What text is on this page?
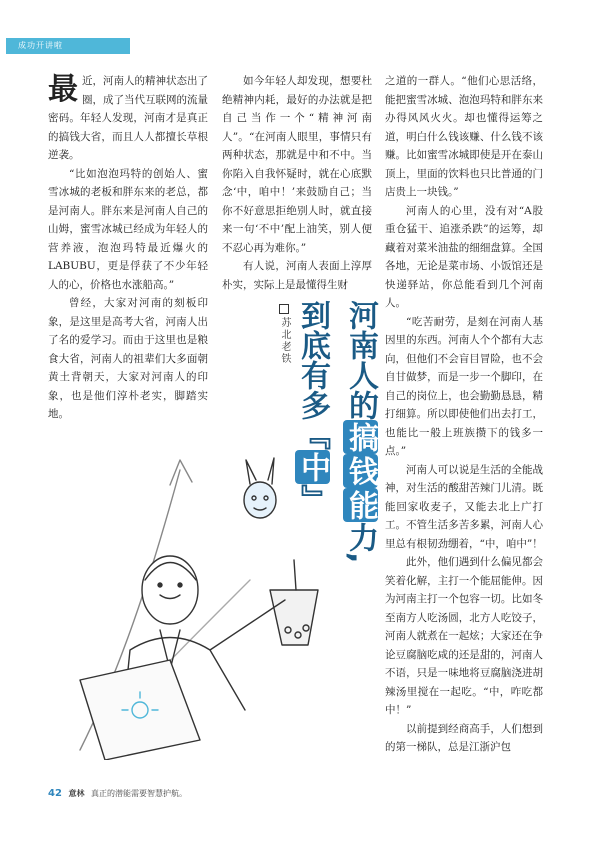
成功开讲啦

最近，河南人的精神状态出了圈，成了当代互联网的流量密码。年轻人发现，河南才是真正的搞钱大省，而且人人都擅长草根逆袭。

“比如泡泡玛特的创始人、蜜雪冰城的老板和胖东来的老总，都是河南人。胖东来是河南人自己的山姆，蜜雪冰城已经成为年轻人的营养液，泡泡玛特最近爆火的LABUBU，更是俘获了不少年轻人的心，价格也水涨船高。”

曾经，大家对河南的刻板印象，是这里是高考大省，河南人出了名的爱学习。而由于这里也是粮食大省，河南人的祖辈们大多面朝黄土背朝天，大家对河南人的印象，也是他们淳朴老实，脚踏实地。

如今年轻人却发现，想要杜绝精神内耗，最好的办法就是把自己当作一个“精神河南人”。“在河南人眼里，事情只有两种状态，那就是中和不中。当你陷入自我怀疑时，就在心底默念‘中，咱中！’来鼓励自己；当你不好意思拒绝别人时，就直接来一句‘不中’配上油笑，别人便不忍心再为难你。”

有人说，河南人表面上淳厚朴实，实际上是最懂得生财

之道的一群人。“他们心思活络，能把蜜雪冰城、泡泡玛特和胖东来办得风风火火。却也懂得运筹之道，明白什么钱该赚、什么钱不该赚。比如蜜雪冰城即使是开在泰山顶上，里面的饮料也只比普通的门店贵上一块钱。”

河南人的心里，没有对“A股重仓猛干、追涨杀跌”的运筹，却藏着对菜米油盐的细细盘算。全国各地，无论是菜市场、小饭馆还是快递驿站，你总能看到几个河南人。

“吃苦耐劳，是刻在河南人基因里的东西。河南人个个都有大志向，但他们不会盲目冒险，也不会自甘做梦，而是一步一个脚印，在自己的岗位上，也会勤勤恳恳，精打细算。所以即使他们出去打工，也能比一般上班族攒下的钱多一点。”

河南人可以说是生活的全能战神，对生活的酸甜苦辣门儿清。既能回家收麦子，又能去北上广打工。不管生活多苦多累，河南人心里总有根韧劲绷着，“中，咱中”！

此外，他们遇到什么偏见都会笑着化解，主打一个能屈能伸。因为河南主打一个包容一切。比如冬至南方人吃汤圆，北方人吃饺子，河南人就煮在一起炫；大家还在争论豆腐脑吃咸的还是甜的，河南人不语，只是一味地将豆腐脑浇进胡辣汤里搅在一起吃。“中，咋吃都中！”

以前提到经商高手，人们想到的第一梯队，总是江浙沪包

苏北老铁 河南人的搞钱能力,
到底有多『中』
42 意林 真正的潜能需要智慧护航。
